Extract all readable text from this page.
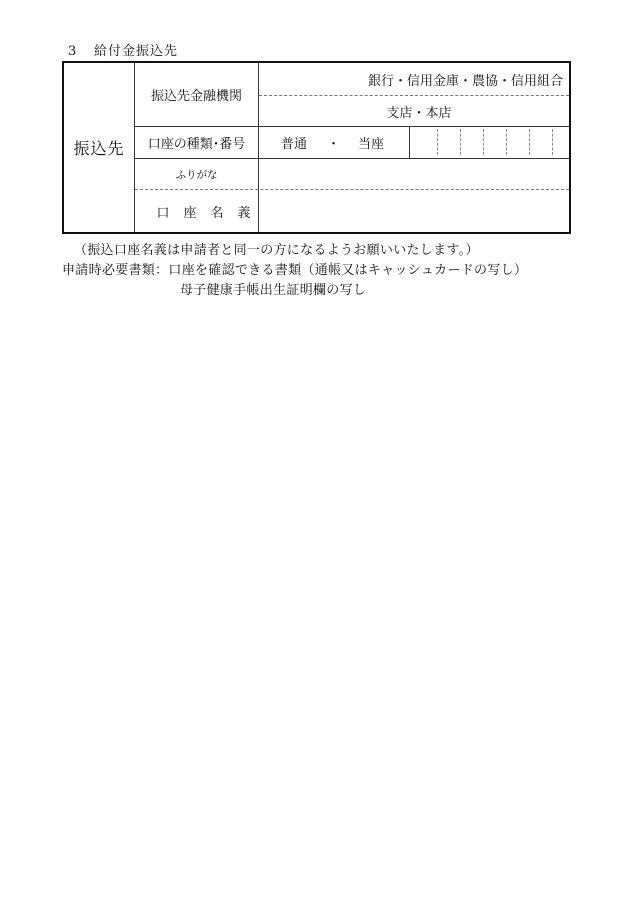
3 給付金振込先
振込先
振込先金融機関
口座の種類･番号
ふりがな
口座名義
銀行・信用金庫・農協・信用組合
支店・本店
普通 ・ 当座
（振込口座名義は申請者と同一の方になるようお願いいたします。）
申請時必要書類：口座を確認できる書類（通帳又はキャッシュカードの写し）
母子健康手帳出生証明欄の写し
